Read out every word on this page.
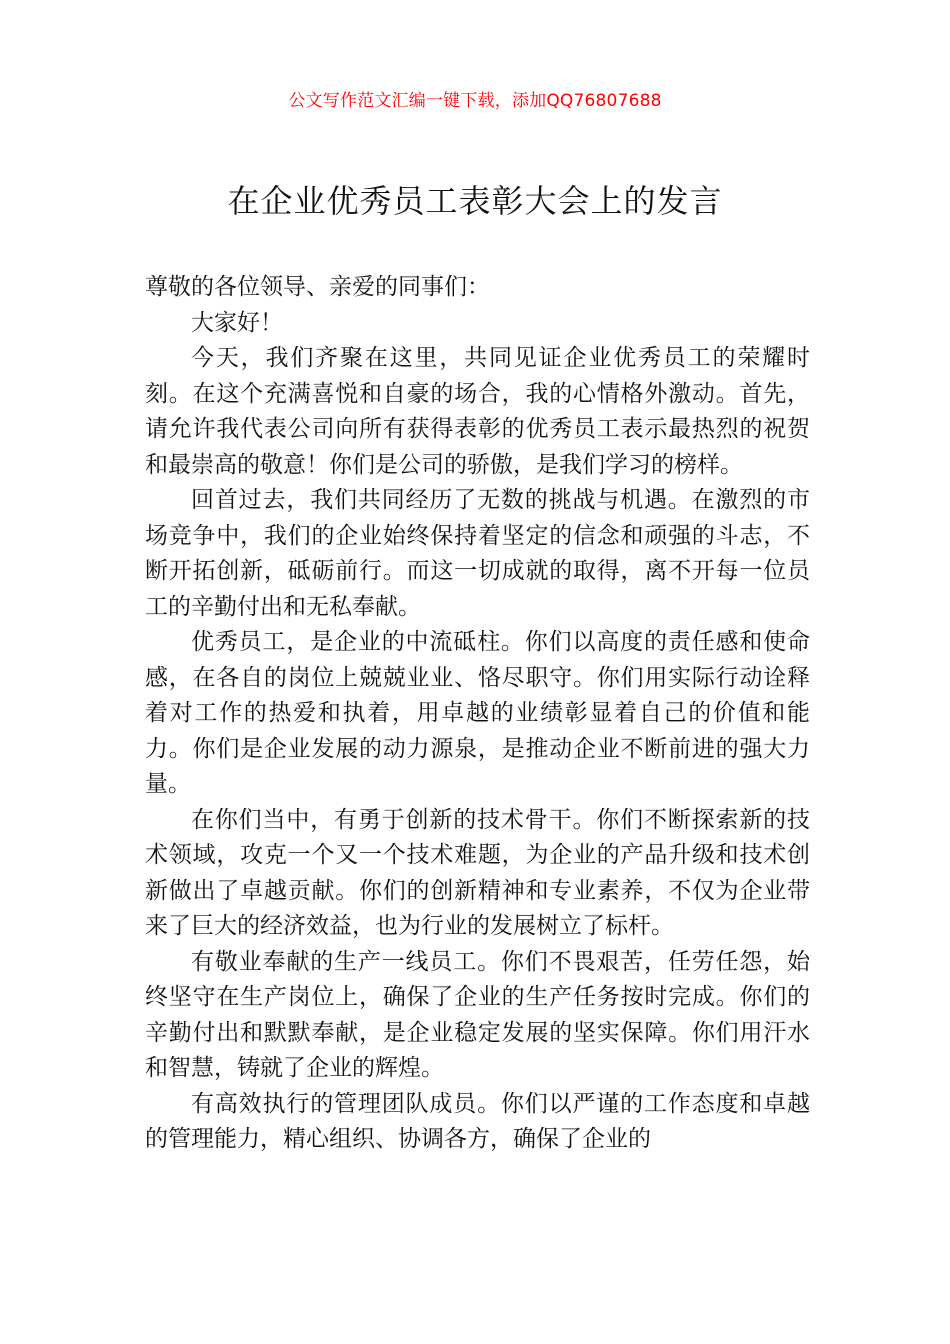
公文写作范文汇编一键下载，添加QQ76807688
在企业优秀员工表彰大会上的发言

尊敬的各位领导、亲爱的同事们：

大家好！

今天，我们齐聚在这里，共同见证企业优秀员工的荣耀时刻。在这个充满喜悦和自豪的场合，我的心情格外激动。首先，请允许我代表公司向所有获得表彰的优秀员工表示最热烈的祝贺和最崇高的敬意！你们是公司的骄傲，是我们学习的榜样。

回首过去，我们共同经历了无数的挑战与机遇。在激烈的市场竞争中，我们的企业始终保持着坚定的信念和顽强的斗志，不断开拓创新，砥砺前行。而这一切成就的取得，离不开每一位员工的辛勤付出和无私奉献。

优秀员工，是企业的中流砥柱。你们以高度的责任感和使命感，在各自的岗位上兢兢业业、恪尽职守。你们用实际行动诠释着对工作的热爱和执着，用卓越的业绩彰显着自己的价值和能力。你们是企业发展的动力源泉，是推动企业不断前进的强大力量。

在你们当中，有勇于创新的技术骨干。你们不断探索新的技术领域，攻克一个又一个技术难题，为企业的产品升级和技术创新做出了卓越贡献。你们的创新精神和专业素养，不仅为企业带来了巨大的经济效益，也为行业的发展树立了标杆。

有敬业奉献的生产一线员工。你们不畏艰苦，任劳任怨，始终坚守在生产岗位上，确保了企业的生产任务按时完成。你们的辛勤付出和默默奉献，是企业稳定发展的坚实保障。你们用汗水和智慧，铸就了企业的辉煌。

有高效执行的管理团队成员。你们以严谨的工作态度和卓越的管理能力，精心组织、协调各方，确保了企业的
